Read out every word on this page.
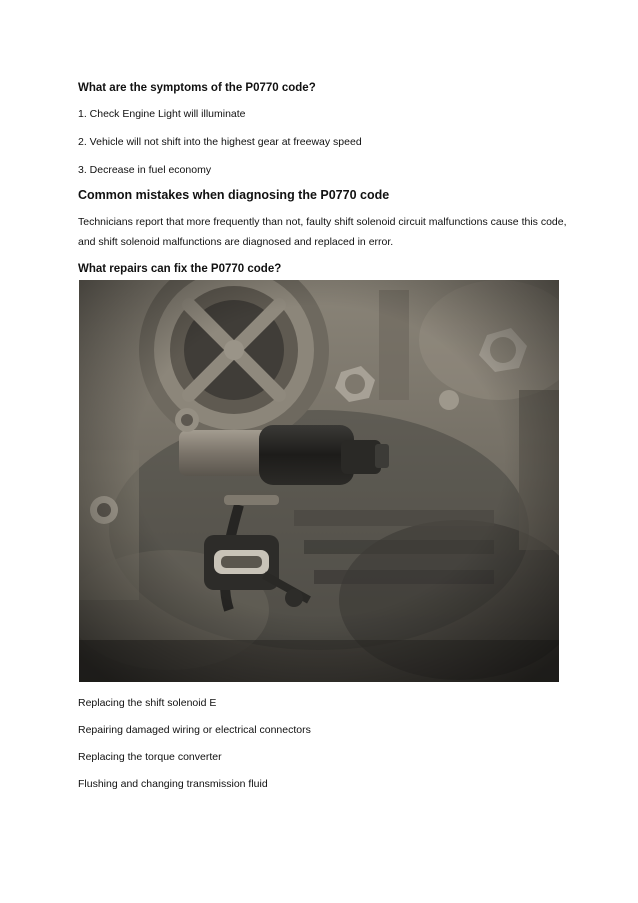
What are the symptoms of the P0770 code?
1. Check Engine Light will illuminate
2. Vehicle will not shift into the highest gear at freeway speed
3. Decrease in fuel economy
Common mistakes when diagnosing the P0770 code
Technicians report that more frequently than not, faulty shift solenoid circuit malfunctions cause this code, and shift solenoid malfunctions are diagnosed and replaced in error.
What repairs can fix the P0770 code?
Replacing the shift solenoid E
Repairing damaged wiring or electrical connectors
Replacing the torque converter
Flushing and changing transmission fluid
